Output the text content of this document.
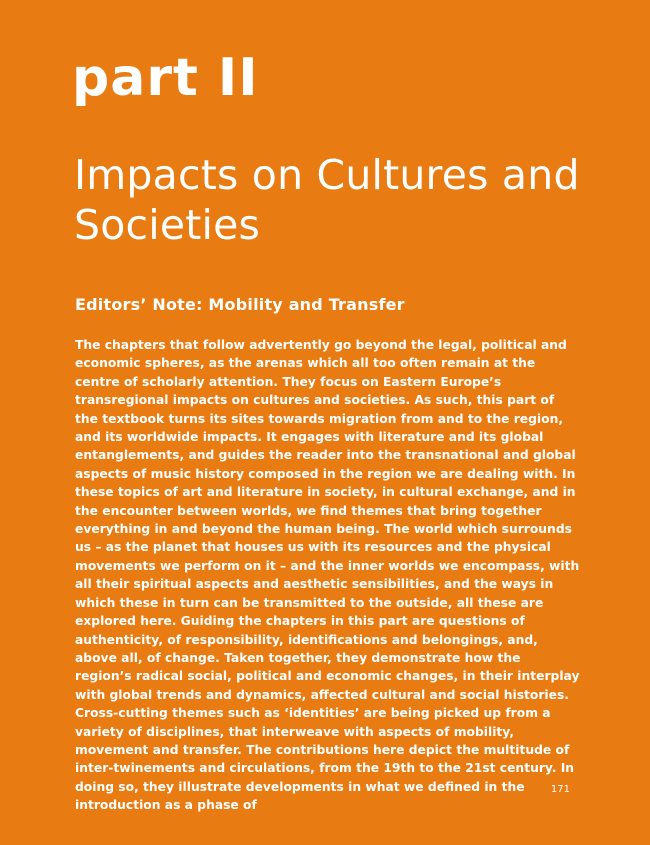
part II
Impacts on Cultures and Societies
Editors’ Note: Mobility and Transfer

The chapters that follow advertently go beyond the legal, political and economic spheres, as the arenas which all too often remain at the centre of scholarly attention. They focus on Eastern Europe’s transregional impacts on cultures and societies. As such, this part of the textbook turns its sites towards migration from and to the region, and its worldwide impacts. It engages with literature and its global entanglements, and guides the reader into the transnational and global aspects of music history composed in the region we are dealing with. In these topics of art and literature in society, in cultural exchange, and in the encounter between worlds, we find themes that bring together everything in and beyond the human being. The world which surrounds us – as the planet that houses us with its resources and the physical movements we perform on it – and the inner worlds we encompass, with all their spiritual aspects and aesthetic sensibilities, and the ways in which these in turn can be transmitted to the outside, all these are explored here. Guiding the chapters in this part are questions of authenticity, of responsibility, identifications and belongings, and, above all, of change. Taken together, they demonstrate how the region’s radical social, political and economic changes, in their interplay with global trends and dynamics, affected cultural and social histories. Cross-cutting themes such as ‘identities’ are being picked up from a variety of disciplines, that interweave with aspects of mobility, movement and transfer. The contributions here depict the multitude of inter-twinements and circulations, from the 19th to the 21st century. In doing so, they illustrate developments in what we defined in the introduction as a phase of

171
